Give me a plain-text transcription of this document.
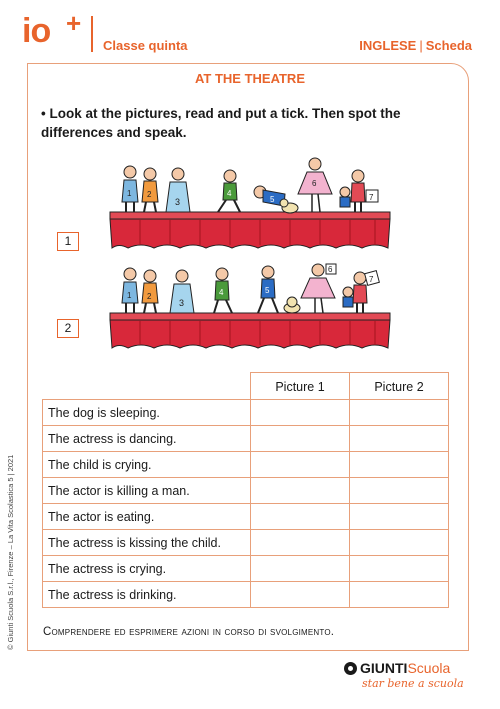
io +
Classe quinta	INGLESE | Scheda
AT THE THEATRE
• Look at the pictures, read and put a tick. Then spot the differences and speak.
1
2
1 2
3
4
5
6
7
1 2
3
4	5
6
7
	Picture 1	Picture 2
The dog is sleeping.		
The actress is dancing.		
The child is crying.		
The actor is killing a man.		
The actor is eating.		
The actress is kissing the child.		
The actress is crying.		
The actress is drinking.		
Comprendere ed esprimere azioni in corso di svolgimento.
© Giunti Scuola S.r.l., Firenze – La Vita Scolastica 5 | 2021
GIUNTIScuola
star bene a scuola
